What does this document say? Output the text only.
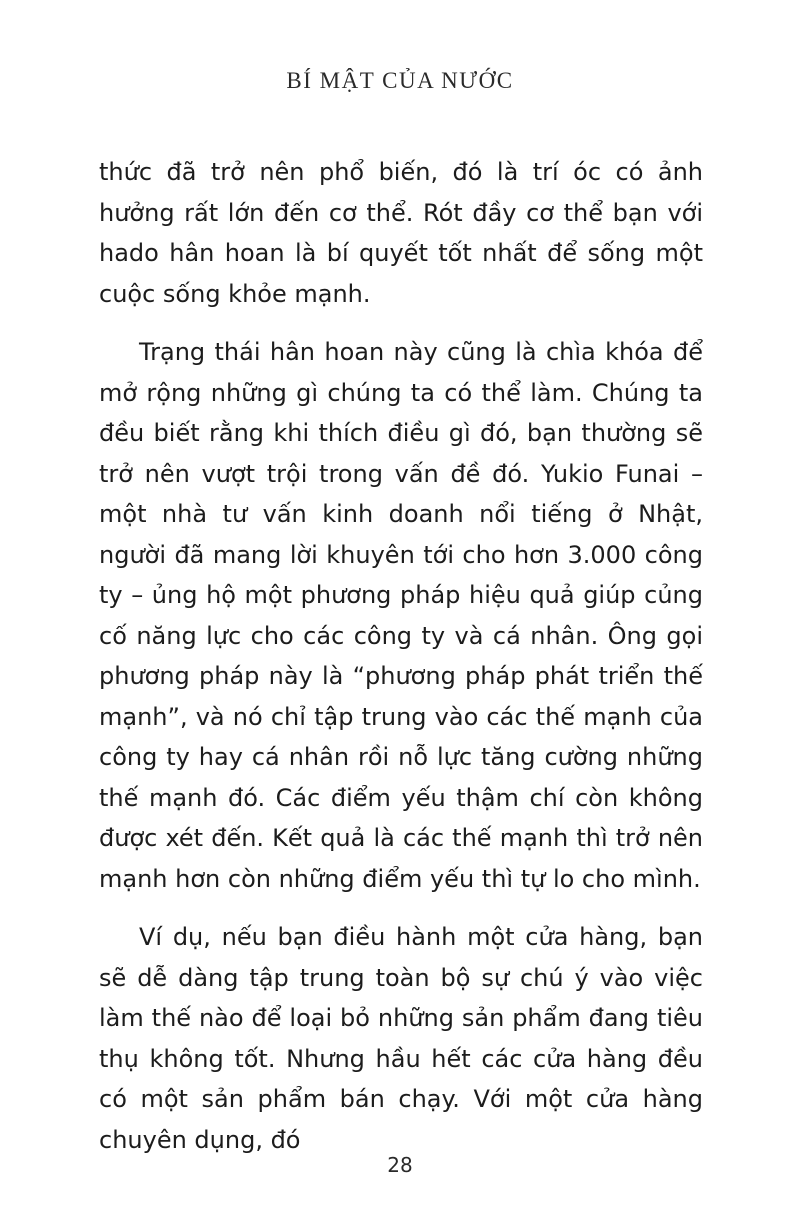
BÍ MẬT CỦA NƯỚC

thức đã trở nên phổ biến, đó là trí óc có ảnh hưởng rất lớn đến cơ thể. Rót đầy cơ thể bạn với hado hân hoan là bí quyết tốt nhất để sống một cuộc sống khỏe mạnh.

Trạng thái hân hoan này cũng là chìa khóa để mở rộng những gì chúng ta có thể làm. Chúng ta đều biết rằng khi thích điều gì đó, bạn thường sẽ trở nên vượt trội trong vấn đề đó. Yukio Funai – một nhà tư vấn kinh doanh nổi tiếng ở Nhật, người đã mang lời khuyên tới cho hơn 3.000 công ty – ủng hộ một phương pháp hiệu quả giúp củng cố năng lực cho các công ty và cá nhân. Ông gọi phương pháp này là “phương pháp phát triển thế mạnh”, và nó chỉ tập trung vào các thế mạnh của công ty hay cá nhân rồi nỗ lực tăng cường những thế mạnh đó. Các điểm yếu thậm chí còn không được xét đến. Kết quả là các thế mạnh thì trở nên mạnh hơn còn những điểm yếu thì tự lo cho mình.

Ví dụ, nếu bạn điều hành một cửa hàng, bạn sẽ dễ dàng tập trung toàn bộ sự chú ý vào việc làm thế nào để loại bỏ những sản phẩm đang tiêu thụ không tốt. Nhưng hầu hết các cửa hàng đều có một sản phẩm bán chạy. Với một cửa hàng chuyên dụng, đó

28
